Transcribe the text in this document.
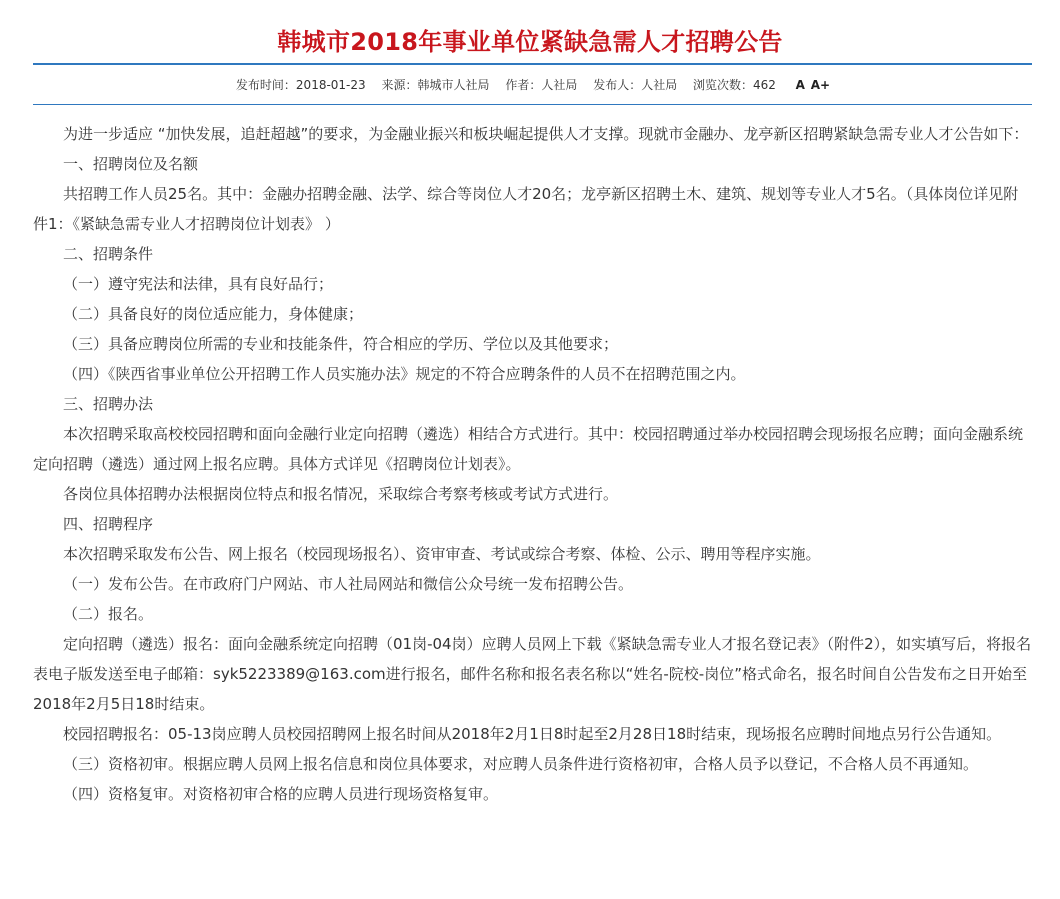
韩城市2018年事业单位紧缺急需人才招聘公告
发布时间：2018-01-23 来源：韩城市人社局 作者：人社局 发布人：人社局 浏览次数：462 A A+

为进一步适应 “加快发展，追赶超越”的要求，为金融业振兴和板块崛起提供人才支撑。现就市金融办、龙亭新区招聘紧缺急需专业人才公告如下：

一、招聘岗位及名额

共招聘工作人员25名。其中：金融办招聘金融、法学、综合等岗位人才20名；龙亭新区招聘土木、建筑、规划等专业人才5名。（具体岗位详见附件1：《紧缺急需专业人才招聘岗位计划表》 ）

二、招聘条件

（一）遵守宪法和法律，具有良好品行；

（二）具备良好的岗位适应能力，身体健康；

（三）具备应聘岗位所需的专业和技能条件，符合相应的学历、学位以及其他要求；

（四）《陕西省事业单位公开招聘工作人员实施办法》规定的不符合应聘条件的人员不在招聘范围之内。

三、招聘办法

本次招聘采取高校校园招聘和面向金融行业定向招聘（遴选）相结合方式进行。其中：校园招聘通过举办校园招聘会现场报名应聘；面向金融系统定向招聘（遴选）通过网上报名应聘。具体方式详见《招聘岗位计划表》。

各岗位具体招聘办法根据岗位特点和报名情况，采取综合考察考核或考试方式进行。

四、招聘程序

本次招聘采取发布公告、网上报名（校园现场报名）、资审审查、考试或综合考察、体检、公示、聘用等程序实施。

（一）发布公告。在市政府门户网站、市人社局网站和微信公众号统一发布招聘公告。

（二）报名。

定向招聘（遴选）报名：面向金融系统定向招聘（01岗-04岗）应聘人员网上下载《紧缺急需专业人才报名登记表》（附件2），如实填写后，将报名表电子版发送至电子邮箱：syk5223389@163.com进行报名，邮件名称和报名表名称以“姓名-院校-岗位”格式命名，报名时间自公告发布之日开始至2018年2月5日18时结束。

校园招聘报名：05-13岗应聘人员校园招聘网上报名时间从2018年2月1日8时起至2月28日18时结束，现场报名应聘时间地点另行公告通知。

（三）资格初审。根据应聘人员网上报名信息和岗位具体要求，对应聘人员条件进行资格初审，合格人员予以登记，不合格人员不再通知。

（四）资格复审。对资格初审合格的应聘人员进行现场资格复审。
